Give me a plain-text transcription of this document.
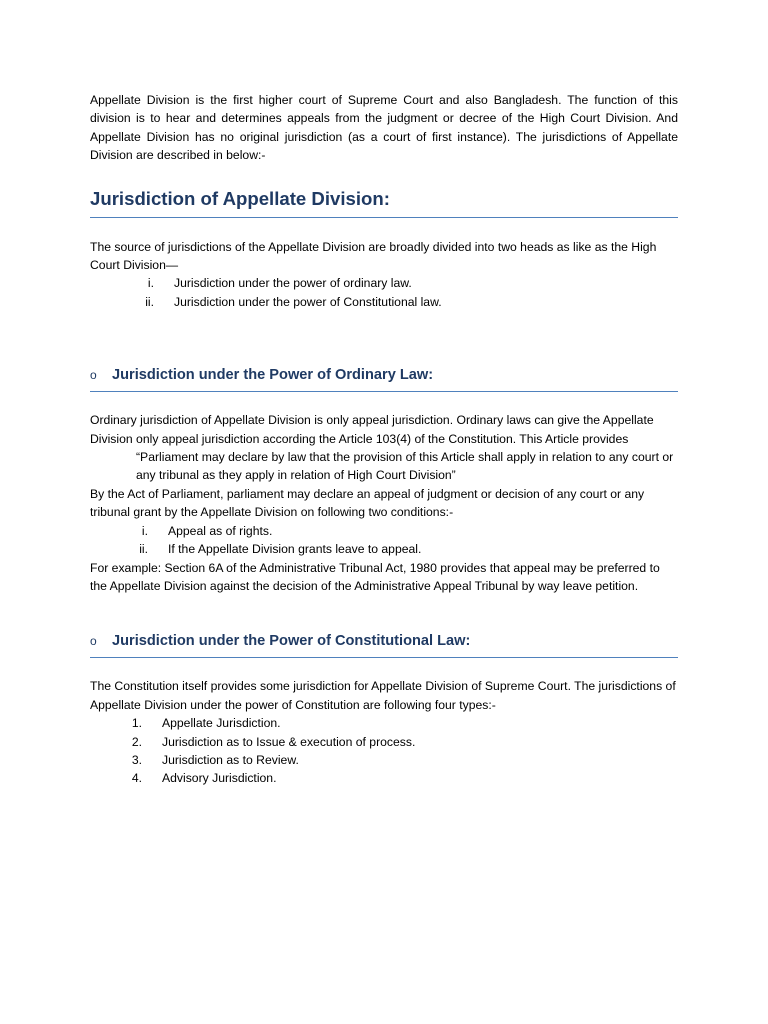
Appellate Division is the first higher court of Supreme Court and also Bangladesh. The function of this division is to hear and determines appeals from the judgment or decree of the High Court Division. And Appellate Division has no original jurisdiction (as a court of first instance). The jurisdictions of Appellate Division are described in below:-

Jurisdiction of Appellate Division:

The source of jurisdictions of the Appellate Division are broadly divided into two heads as like as the High Court Division—

i.	Jurisdiction under the power of ordinary law.
ii.	Jurisdiction under the power of Constitutional law.
o	Jurisdiction under the Power of Ordinary Law:

Ordinary jurisdiction of Appellate Division is only appeal jurisdiction. Ordinary laws can give the Appellate Division only appeal jurisdiction according the Article 103(4) of the Constitution. This Article provides

“Parliament may declare by law that the provision of this Article shall apply in relation to any court or any tribunal as they apply in relation of High Court Division”

By the Act of Parliament, parliament may declare an appeal of judgment or decision of any court or any tribunal grant by the Appellate Division on following two conditions:-

i.	Appeal as of rights.
ii.	If the Appellate Division grants leave to appeal.

For example: Section 6A of the Administrative Tribunal Act, 1980 provides that appeal may be preferred to the Appellate Division against the decision of the Administrative Appeal Tribunal by way leave petition.

o	Jurisdiction under the Power of Constitutional Law:

The Constitution itself provides some jurisdiction for Appellate Division of Supreme Court. The jurisdictions of Appellate Division under the power of Constitution are following four types:-

1.	Appellate Jurisdiction.
2.	Jurisdiction as to Issue & execution of process.
3.	Jurisdiction as to Review.
4.	Advisory Jurisdiction.
